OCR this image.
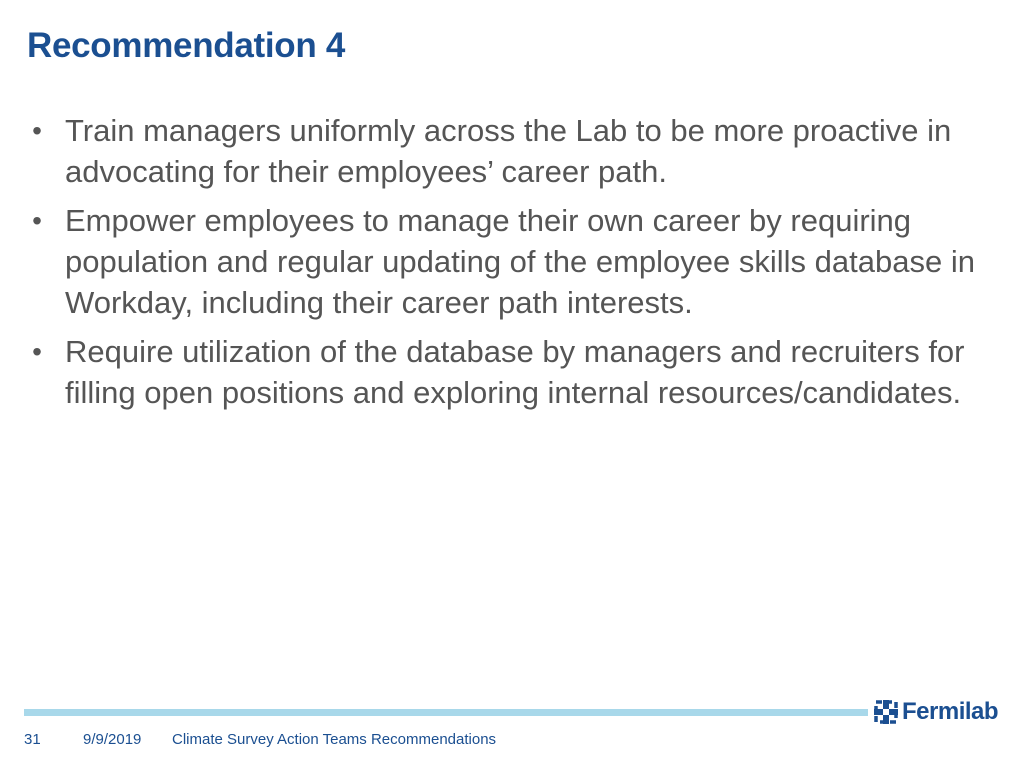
Recommendation 4
• Train managers uniformly across the Lab to be more proactive in advocating for their employees’ career path.
• Empower employees to manage their own career by requiring population and regular updating of the employee skills database in Workday, including their career path interests.
• Require utilization of the database by managers and recruiters for filling open positions and exploring internal resources/candidates.
Fermilab
31	9/9/2019 Climate Survey Action Teams Recommendations
